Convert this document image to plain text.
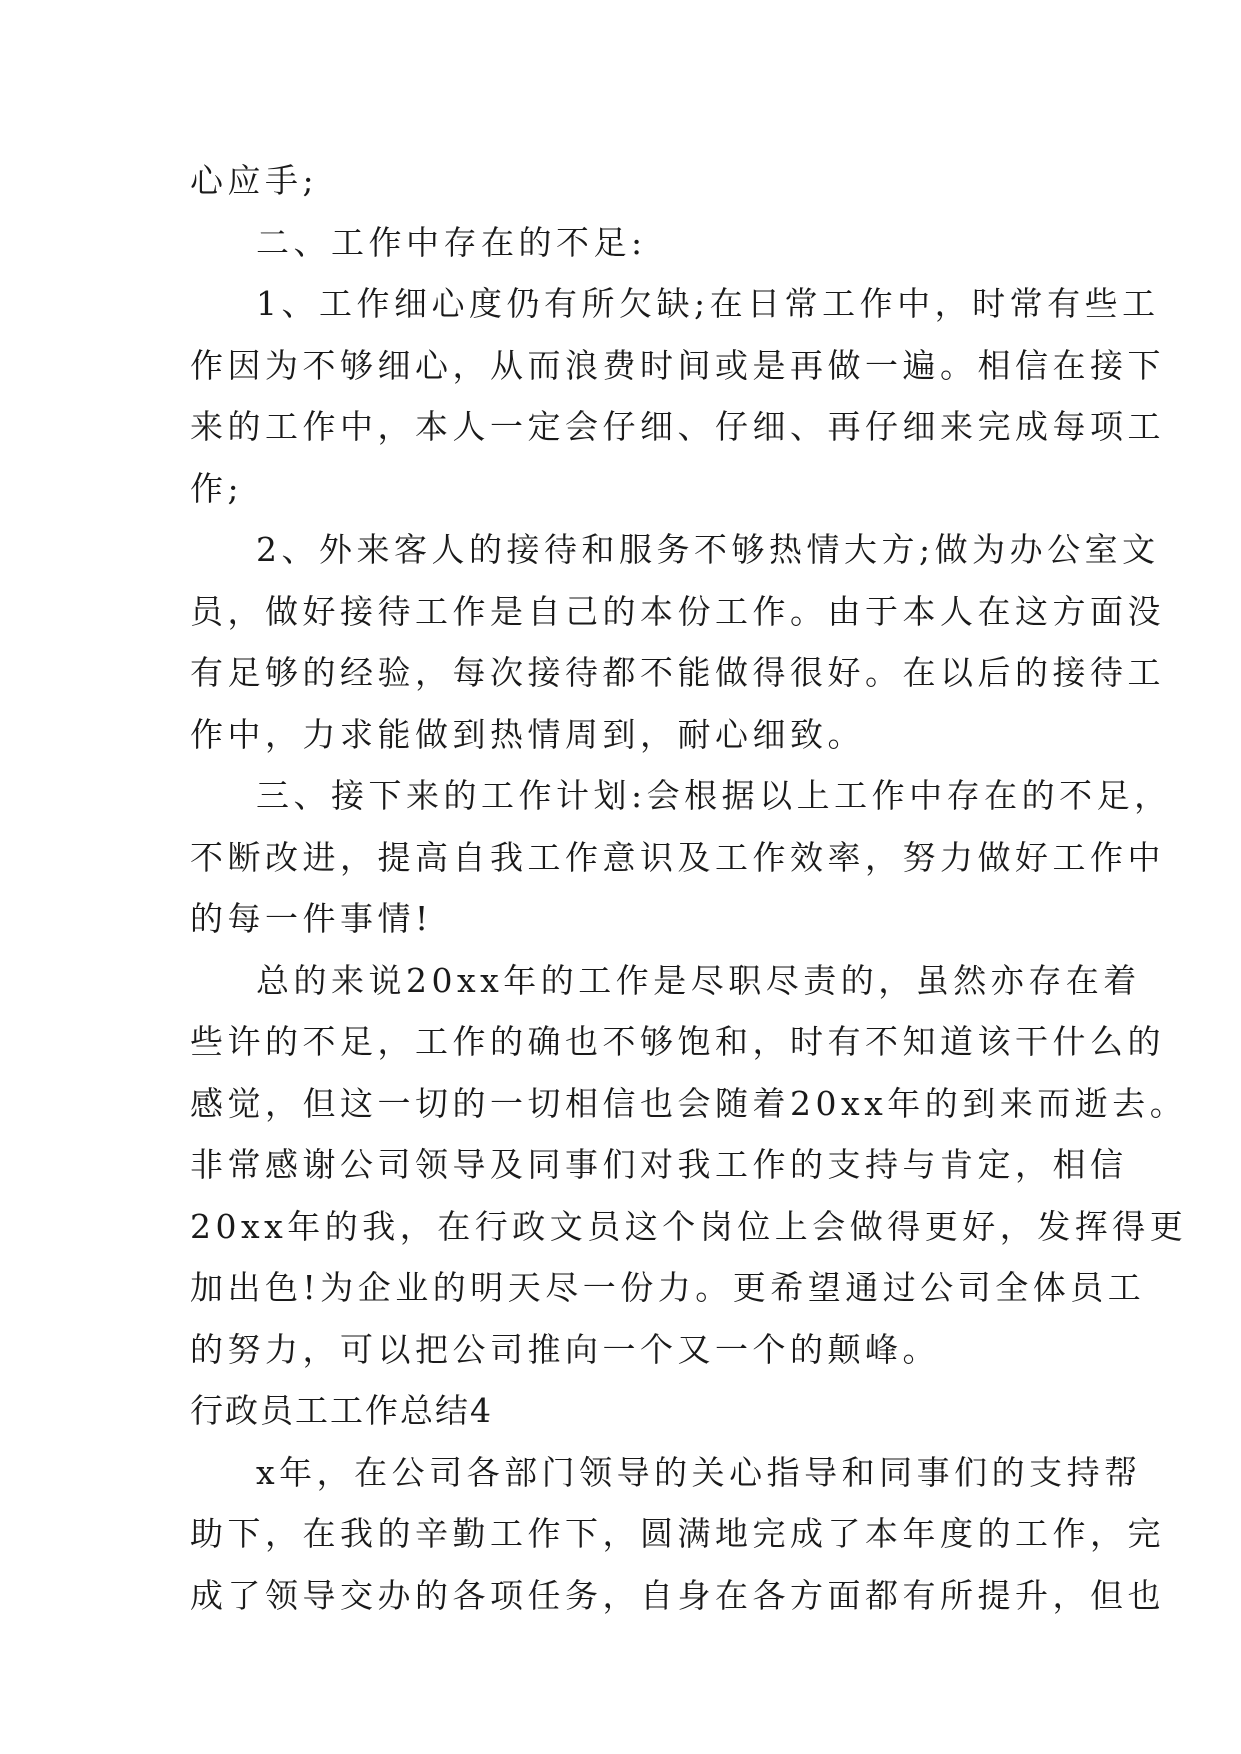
心应手;
二、工作中存在的不足:
1、工作细心度仍有所欠缺;在日常工作中，时常有些工
作因为不够细心，从而浪费时间或是再做一遍。相信在接下
来的工作中，本人一定会仔细、仔细、再仔细来完成每项工
作;
2、外来客人的接待和服务不够热情大方;做为办公室文
员，做好接待工作是自己的本份工作。由于本人在这方面没
有足够的经验，每次接待都不能做得很好。在以后的接待工
作中，力求能做到热情周到，耐心细致。
三、接下来的工作计划:会根据以上工作中存在的不足，
不断改进，提高自我工作意识及工作效率，努力做好工作中
的每一件事情!
总的来说20xx年的工作是尽职尽责的，虽然亦存在着
些许的不足，工作的确也不够饱和，时有不知道该干什么的
感觉，但这一切的一切相信也会随着20xx年的到来而逝去。
非常感谢公司领导及同事们对我工作的支持与肯定，相信
20xx年的我，在行政文员这个岗位上会做得更好，发挥得更
加出色!为企业的明天尽一份力。更希望通过公司全体员工
的努力，可以把公司推向一个又一个的颠峰。
行政员工工作总结4
x年，在公司各部门领导的关心指导和同事们的支持帮
助下，在我的辛勤工作下，圆满地完成了本年度的工作，完
成了领导交办的各项任务，自身在各方面都有所提升，但也
